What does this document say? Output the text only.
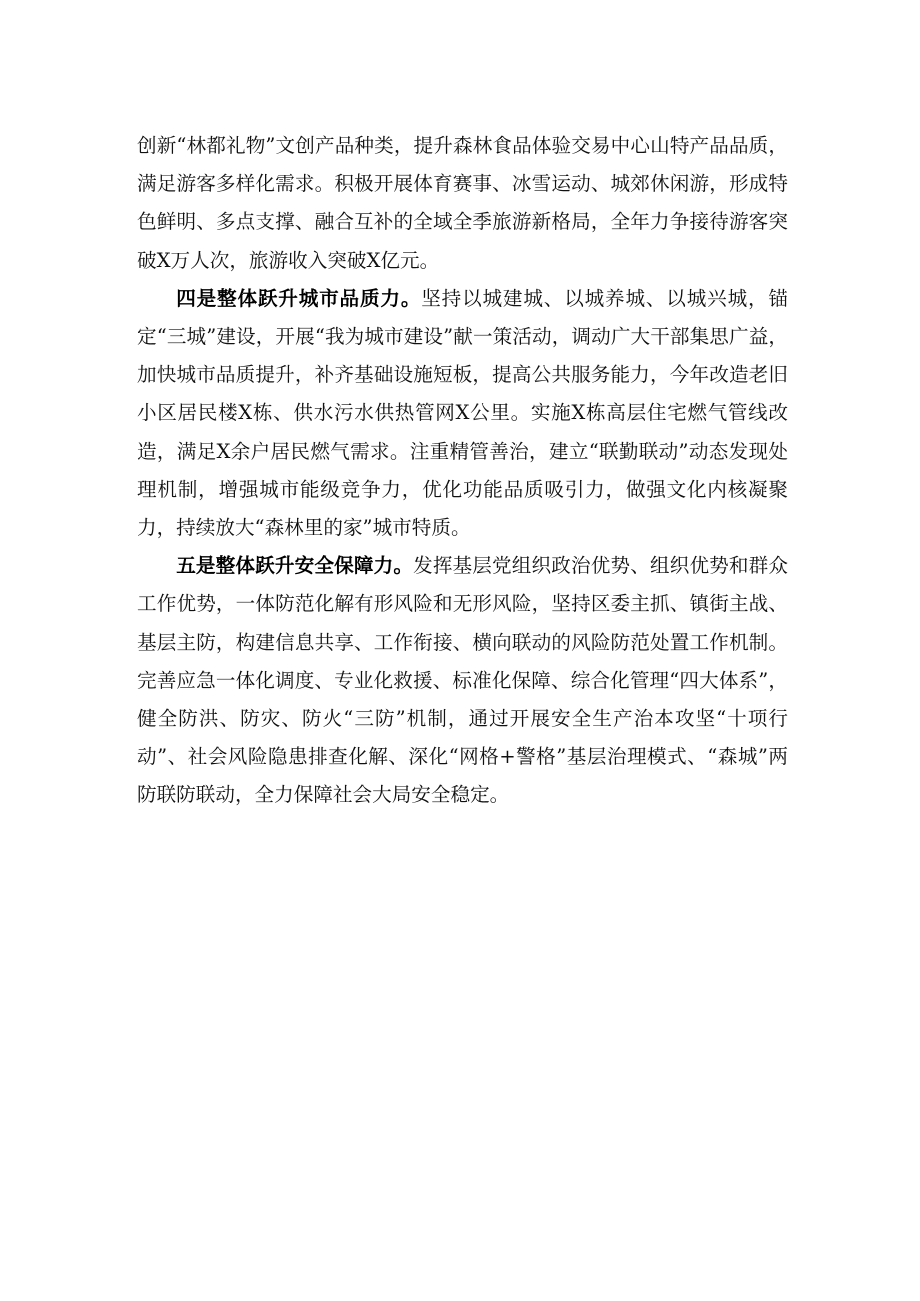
创新“林都礼物”文创产品种类，提升森林食品体验交易中心山特产品品质，满足游客多样化需求。积极开展体育赛事、冰雪运动、城郊休闲游，形成特色鲜明、多点支撑、融合互补的全域全季旅游新格局，全年力争接待游客突破X万人次，旅游收入突破X亿元。

四是整体跃升城市品质力。坚持以城建城、以城养城、以城兴城，锚定“三城”建设，开展“我为城市建设”献一策活动，调动广大干部集思广益，加快城市品质提升，补齐基础设施短板，提高公共服务能力，今年改造老旧小区居民楼X栋、供水污水供热管网X公里。实施X栋高层住宅燃气管线改造，满足X余户居民燃气需求。注重精管善治，建立“联勤联动”动态发现处理机制，增强城市能级竞争力，优化功能品质吸引力，做强文化内核凝聚力，持续放大“森林里的家”城市特质。

五是整体跃升安全保障力。发挥基层党组织政治优势、组织优势和群众工作优势，一体防范化解有形风险和无形风险，坚持区委主抓、镇街主战、基层主防，构建信息共享、工作衔接、横向联动的风险防范处置工作机制。完善应急一体化调度、专业化救援、标准化保障、综合化管理“四大体系”，健全防洪、防灾、防火“三防”机制，通过开展安全生产治本攻坚“十项行动”、社会风险隐患排查化解、深化“网格+警格”基层治理模式、“森城”两防联防联动，全力保障社会大局安全稳定。
